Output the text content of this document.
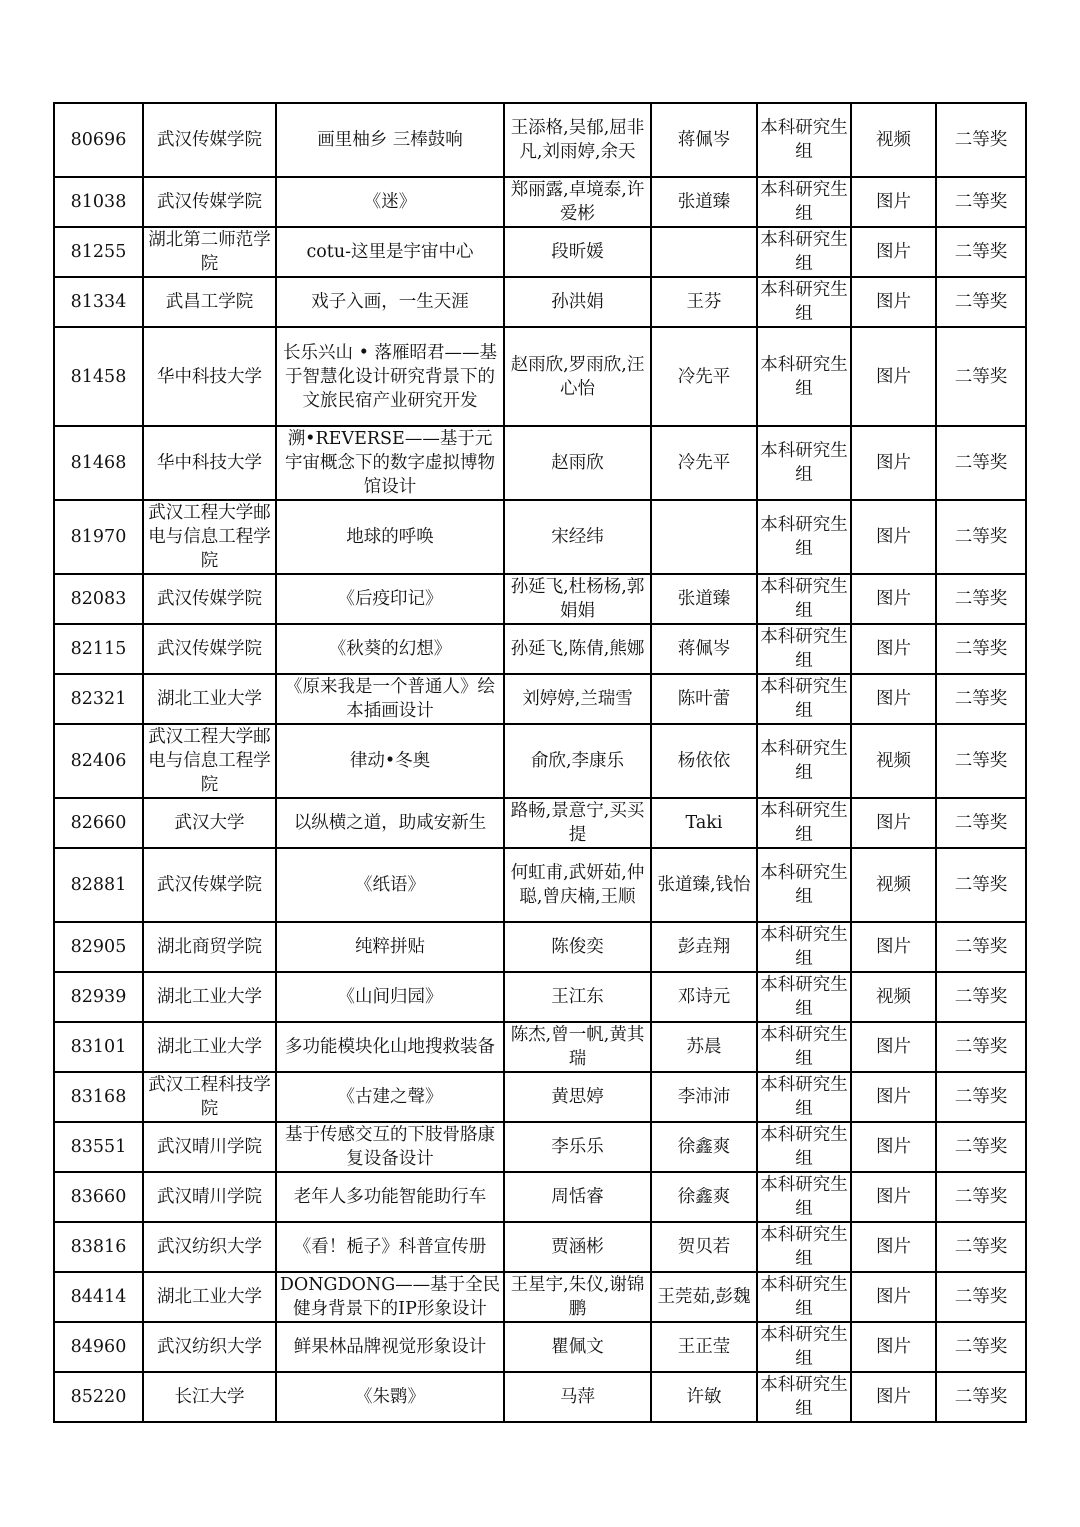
80696	武汉传媒学院	画里柚乡 三棒鼓响	王添格,吴郁,屈非凡,刘雨婷,余天	蒋佩岑	本科研究生组	视频	二等奖
81038	武汉传媒学院	《迷》	郑丽露,卓境泰,许爱彬	张道臻	本科研究生组	图片	二等奖
81255	湖北第二师范学院	cotu-这里是宇宙中心	段昕媛		本科研究生组	图片	二等奖
81334	武昌工学院	戏子入画，一生天涯	孙洪娟	王芬	本科研究生组	图片	二等奖
81458	华中科技大学	长乐兴山 • 落雁昭君——基于智慧化设计研究背景下的文旅民宿产业研究开发	赵雨欣,罗雨欣,汪心怡	冷先平	本科研究生组	图片	二等奖
81468	华中科技大学	溯•REVERSE——基于元宇宙概念下的数字虚拟博物馆设计	赵雨欣	冷先平	本科研究生组	图片	二等奖
81970	武汉工程大学邮电与信息工程学院	地球的呼唤	宋经纬		本科研究生组	图片	二等奖
82083	武汉传媒学院	《后疫印记》	孙延飞,杜杨杨,郭娟娟	张道臻	本科研究生组	图片	二等奖
82115	武汉传媒学院	《秋葵的幻想》	孙延飞,陈倩,熊娜	蒋佩岑	本科研究生组	图片	二等奖
82321	湖北工业大学	《原来我是一个普通人》绘本插画设计	刘婷婷,兰瑞雪	陈叶蕾	本科研究生组	图片	二等奖
82406	武汉工程大学邮电与信息工程学院	律动•冬奥	俞欣,李康乐	杨依依	本科研究生组	视频	二等奖
82660	武汉大学	以纵横之道，助咸安新生	路畅,景意宁,买买提	Taki	本科研究生组	图片	二等奖
82881	武汉传媒学院	《纸语》	何虹甫,武妍茹,仲聪,曾庆楠,王顺	张道臻,钱怡	本科研究生组	视频	二等奖
82905	湖北商贸学院	纯粹拼贴	陈俊奕	彭垚翔	本科研究生组	图片	二等奖
82939	湖北工业大学	《山间归园》	王江东	邓诗元	本科研究生组	视频	二等奖
83101	湖北工业大学	多功能模块化山地搜救装备	陈杰,曾一帆,黄其瑞	苏晨	本科研究生组	图片	二等奖
83168	武汉工程科技学院	《古建之聲》	黄思婷	李沛沛	本科研究生组	图片	二等奖
83551	武汉晴川学院	基于传感交互的下肢骨胳康复设备设计	李乐乐	徐鑫爽	本科研究生组	图片	二等奖
83660	武汉晴川学院	老年人多功能智能助行车	周恬睿	徐鑫爽	本科研究生组	图片	二等奖
83816	武汉纺织大学	《看！栀子》科普宣传册	贾涵彬	贺贝若	本科研究生组	图片	二等奖
84414	湖北工业大学	DONGDONG——基于全民健身背景下的IP形象设计	王星宇,朱仪,谢锦鹏	王莞茹,彭魏	本科研究生组	图片	二等奖
84960	武汉纺织大学	鲜果林品牌视觉形象设计	瞿佩文	王正莹	本科研究生组	图片	二等奖
85220	长江大学	《朱鹮》	马萍	许敏	本科研究生组	图片	二等奖
